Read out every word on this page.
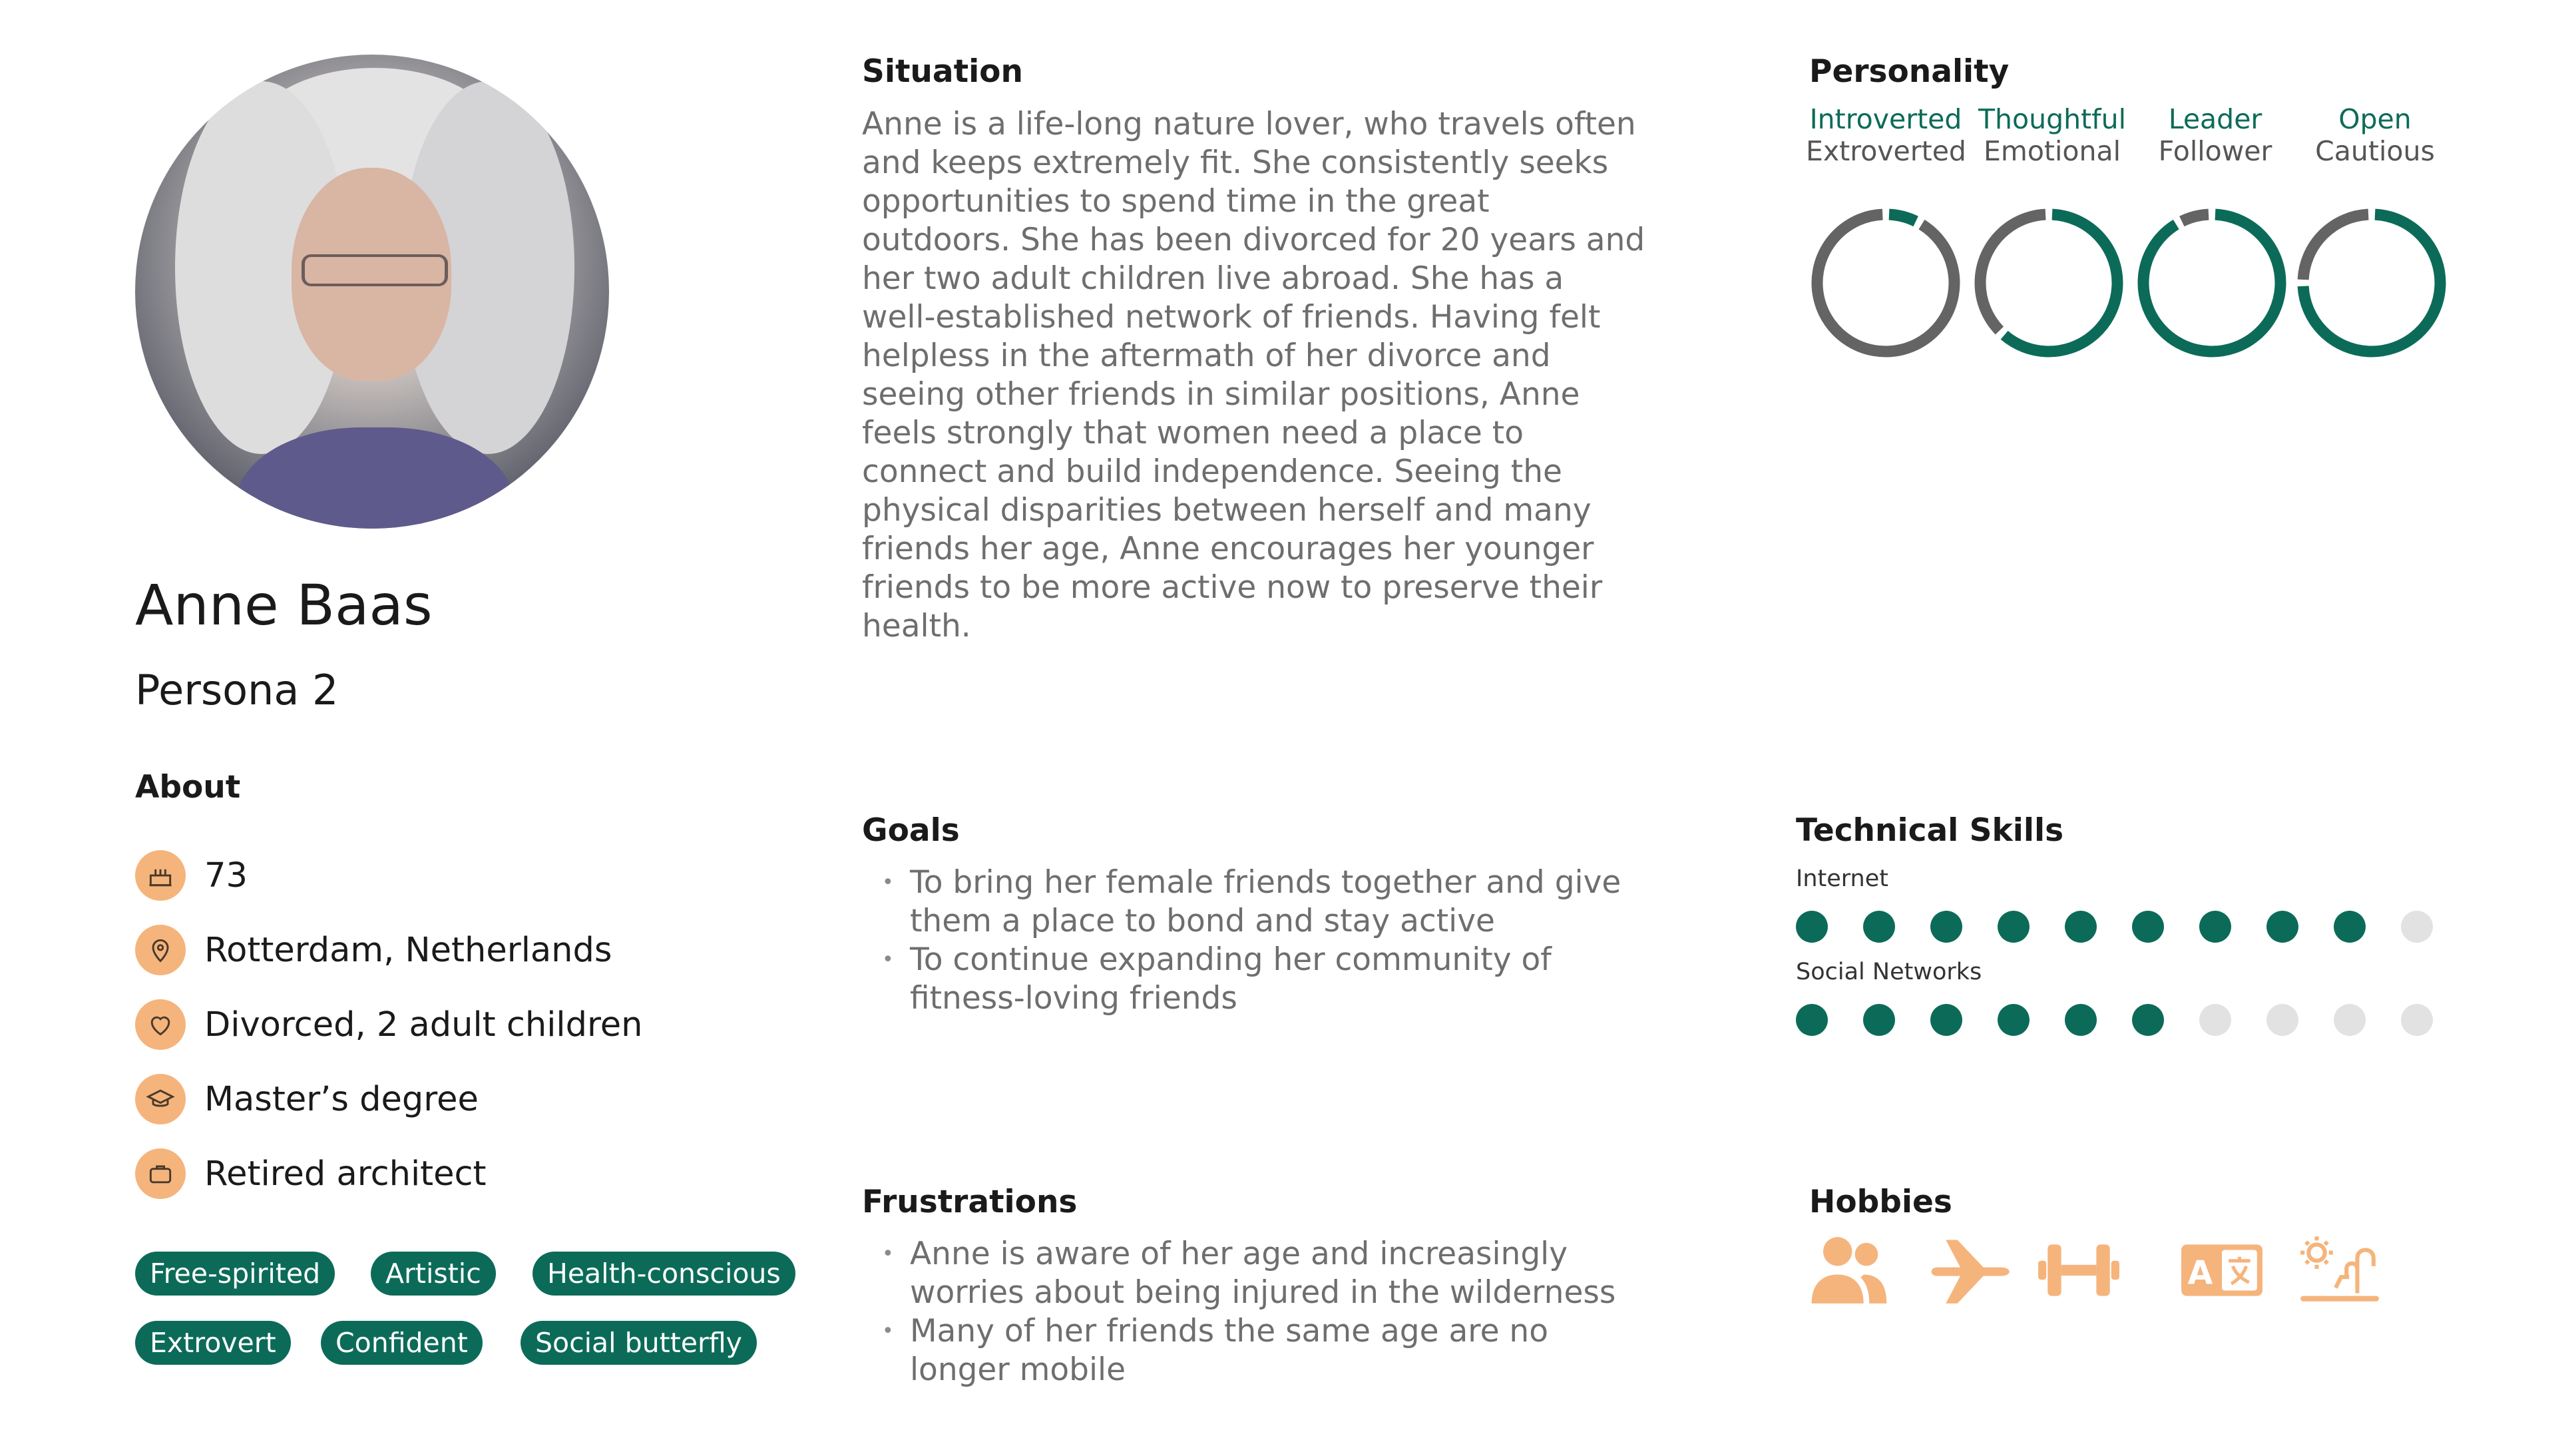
Anne Baas
Persona 2
About
73
Rotterdam, Netherlands
Divorced, 2 adult children
Master’s degree
Retired architect
Free-spirited	Artistic	Health-conscious
Extrovert	Confident	Social butterfly
Situation
Anne is a life-long nature lover, who travels often
and keeps extremely fit. She consistently seeks
opportunities to spend time in the great
outdoors. She has been divorced for 20 years and
her two adult children live abroad. She has a
well-established network of friends. Having felt
helpless in the aftermath of her divorce and
seeing other friends in similar positions, Anne
feels strongly that women need a place to
connect and build independence. Seeing the
physical disparities between herself and many
friends her age, Anne encourages her younger
friends to be more active now to preserve their
health.
Goals
• To bring her female friends together and give
them a place to bond and stay active
• To continue expanding her community of
fitness-loving friends
Frustrations
• Anne is aware of her age and increasingly
worries about being injured in the wilderness
• Many of her friends the same age are no
longer mobile
Personality
Introverted
Extroverted
Thoughtful
Emotional
Leader
Follower
Open
Cautious
Technical Skills
Internet
Social Networks
Hobbies
A
